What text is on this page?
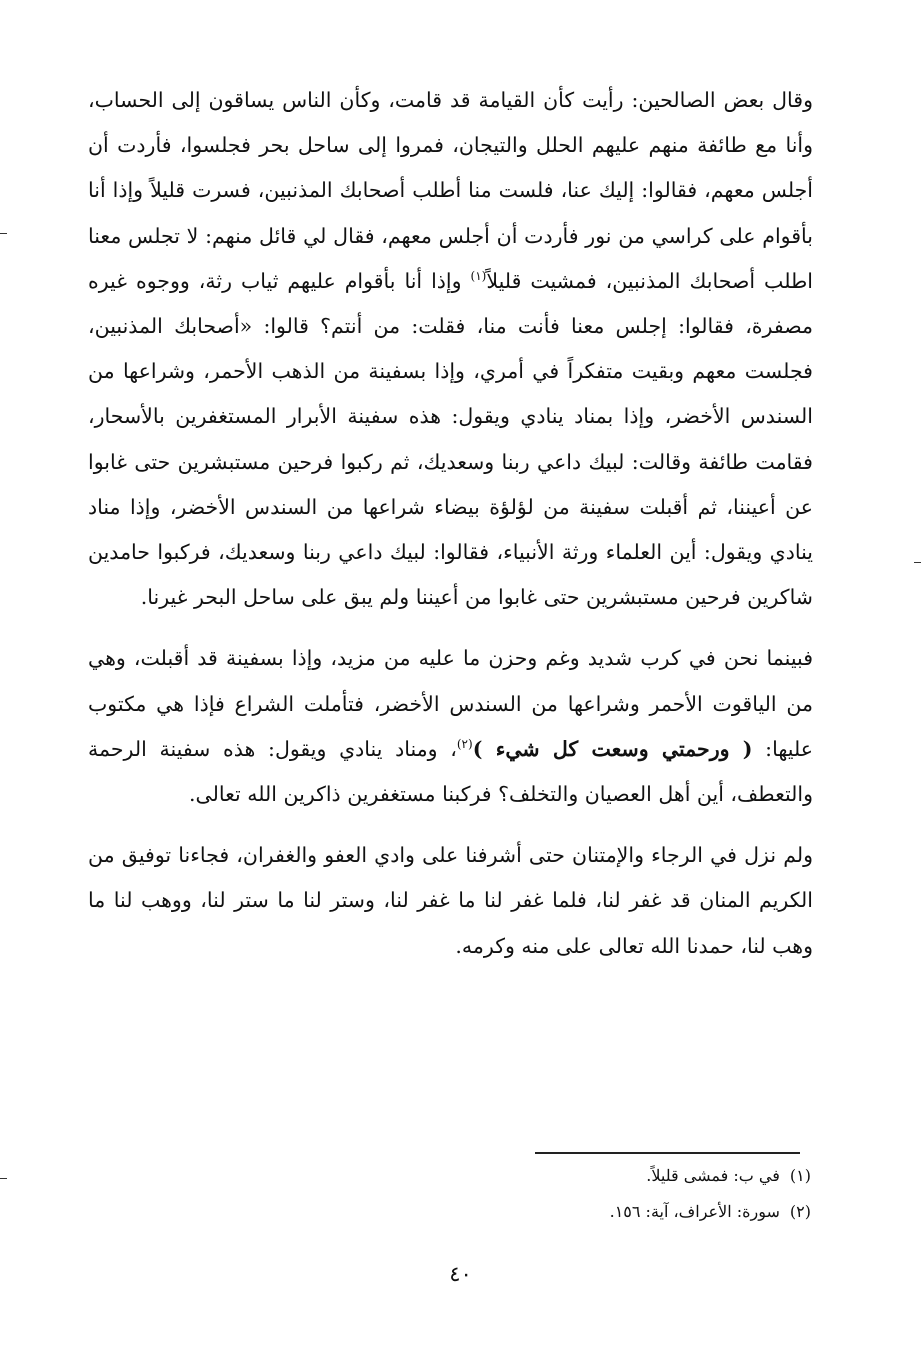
وقال بعض الصالحين: رأيت كأن القيامة قد قامت، وكأن الناس يساقون إلى الحساب، وأنا مع طائفة منهم عليهم الحلل والتيجان، فمروا إلى ساحل بحر فجلسوا، فأردت أن أجلس معهم، فقالوا: إليك عنا، فلست منا أطلب أصحابك المذنبين، فسرت قليلاً وإذا أنا بأقوام على كراسي من نور فأردت أن أجلس معهم، فقال لي قائل منهم: لا تجلس معنا اطلب أصحابك المذنبين، فمشيت قليلاً$^{(١)}$ وإذا أنا بأقوام عليهم ثياب رثة، ووجوه غيره مصفرة، فقالوا: إجلس معنا فأنت منا، فقلت: من أنتم؟ قالوا: «أصحابك المذنبين، فجلست معهم وبقيت متفكراً في أمري، وإذا بسفينة من الذهب الأحمر، وشراعها من السندس الأخضر، وإذا بمناد ينادي ويقول: هذه سفينة الأبرار المستغفرين بالأسحار، فقامت طائفة وقالت: لبيك داعي ربنا وسعديك، ثم ركبوا فرحين مستبشرين حتى غابوا عن أعيننا، ثم أقبلت سفينة من لؤلؤة بيضاء شراعها من السندس الأخضر، وإذا مناد ينادي ويقول: أين العلماء ورثة الأنبياء، فقالوا: لبيك داعي ربنا وسعديك، فركبوا حامدين شاكرين فرحين مستبشرين حتى غابوا من أعيننا ولم يبق على ساحل البحر غيرنا.

فبينما نحن في كرب شديد وغم وحزن ما عليه من مزيد، وإذا بسفينة قد أقبلت، وهي من الياقوت الأحمر وشراعها من السندس الأخضر، فتأملت الشراع فإذا هي مكتوب عليها: ( ورحمتي وسعت كل شيء )$^{(٢)}$، ومناد ينادي ويقول: هذه سفينة الرحمة والتعطف، أين أهل العصيان والتخلف؟ فركبنا مستغفرين ذاكرين الله تعالى.

ولم نزل في الرجاء والإمتنان حتى أشرفنا على وادي العفو والغفران، فجاءنا توفيق من الكريم المنان قد غفر لنا، فلما غفر لنا ما غفر لنا، وستر لنا ما ستر لنا، ووهب لنا ما وهب لنا، حمدنا الله تعالى على منه وكرمه.

(١)في ب: فمشى قليلاً.
(٢)سورة: الأعراف، آية: ١٥٦.
٤٠
